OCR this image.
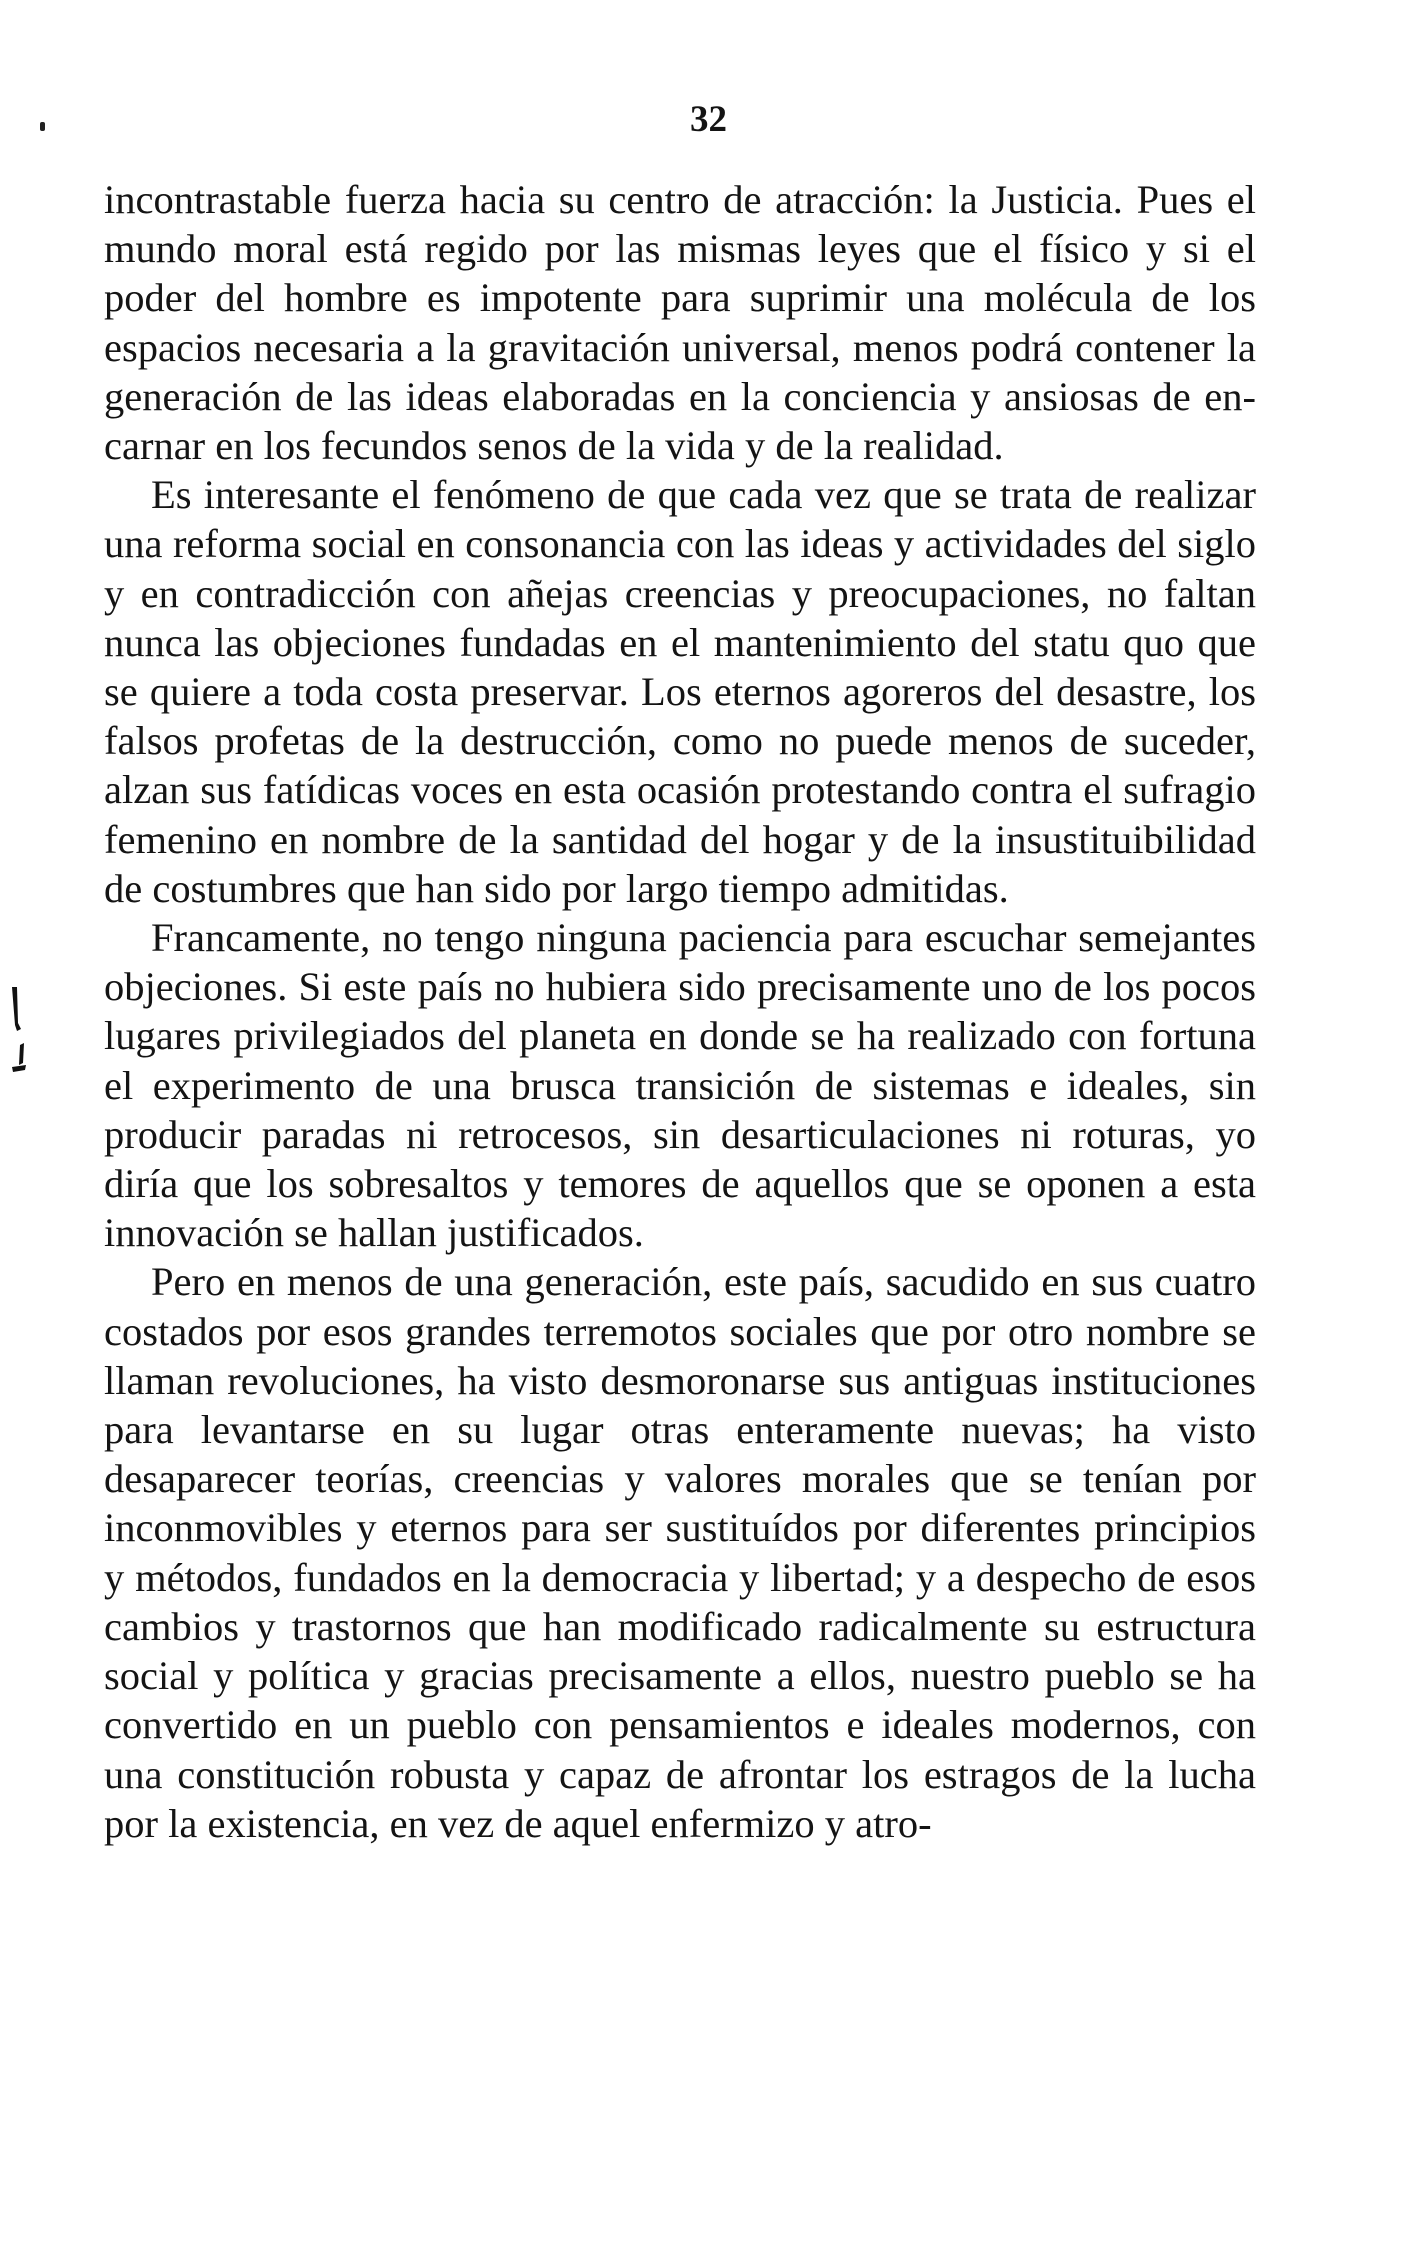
32

incontrastable fuerza hacia su centro de atracción: la Justicia. Pues el mundo moral está regido por las mismas leyes que el físico y si el poder del hombre es impotente para suprimir una molécula de los espacios necesaria a la gravitación universal, menos podrá contener la generación de las ideas elaboradas en la conciencia y ansiosas de encarnar en los fecundos senos de la vida y de la realidad.

Es interesante el fenómeno de que cada vez que se trata de realizar una reforma social en consonancia con las ideas y actividades del siglo y en contradicción con añejas creencias y preocupaciones, no faltan nunca las objeciones fundadas en el mantenimiento del statu quo que se quiere a toda costa preservar. Los eternos agoreros del desastre, los falsos profetas de la destrucción, como no puede menos de suceder, alzan sus fatídicas voces en esta ocasión protestando contra el sufragio femenino en nombre de la santidad del hogar y de la insustituibilidad de costumbres que han sido por largo tiempo admitidas.

Francamente, no tengo ninguna paciencia para escuchar semejantes objeciones. Si este país no hubiera sido precisamente uno de los pocos lugares privilegiados del planeta en donde se ha realizado con fortuna el experimento de una brusca transición de sistemas e ideales, sin producir paradas ni retrocesos, sin desarticulaciones ni roturas, yo diría que los sobresaltos y temores de aquellos que se oponen a esta innovación se hallan justificados.

Pero en menos de una generación, este país, sacudido en sus cuatro costados por esos grandes terremotos sociales que por otro nombre se llaman revoluciones, ha visto desmoronarse sus antiguas instituciones para levantarse en su lugar otras enteramente nuevas; ha visto desaparecer teorías, creencias y valores morales que se tenían por inconmovibles y eternos para ser sustituídos por diferentes principios y métodos, fundados en la democracia y libertad; y a despecho de esos cambios y trastornos que han modificado radicalmente su estructura social y política y gracias precisamente a ellos, nuestro pueblo se ha convertido en un pueblo con pensamientos e ideales modernos, con una constitución robusta y capaz de afrontar los estragos de la lucha por la existencia, en vez de aquel enfermizo y atro-
